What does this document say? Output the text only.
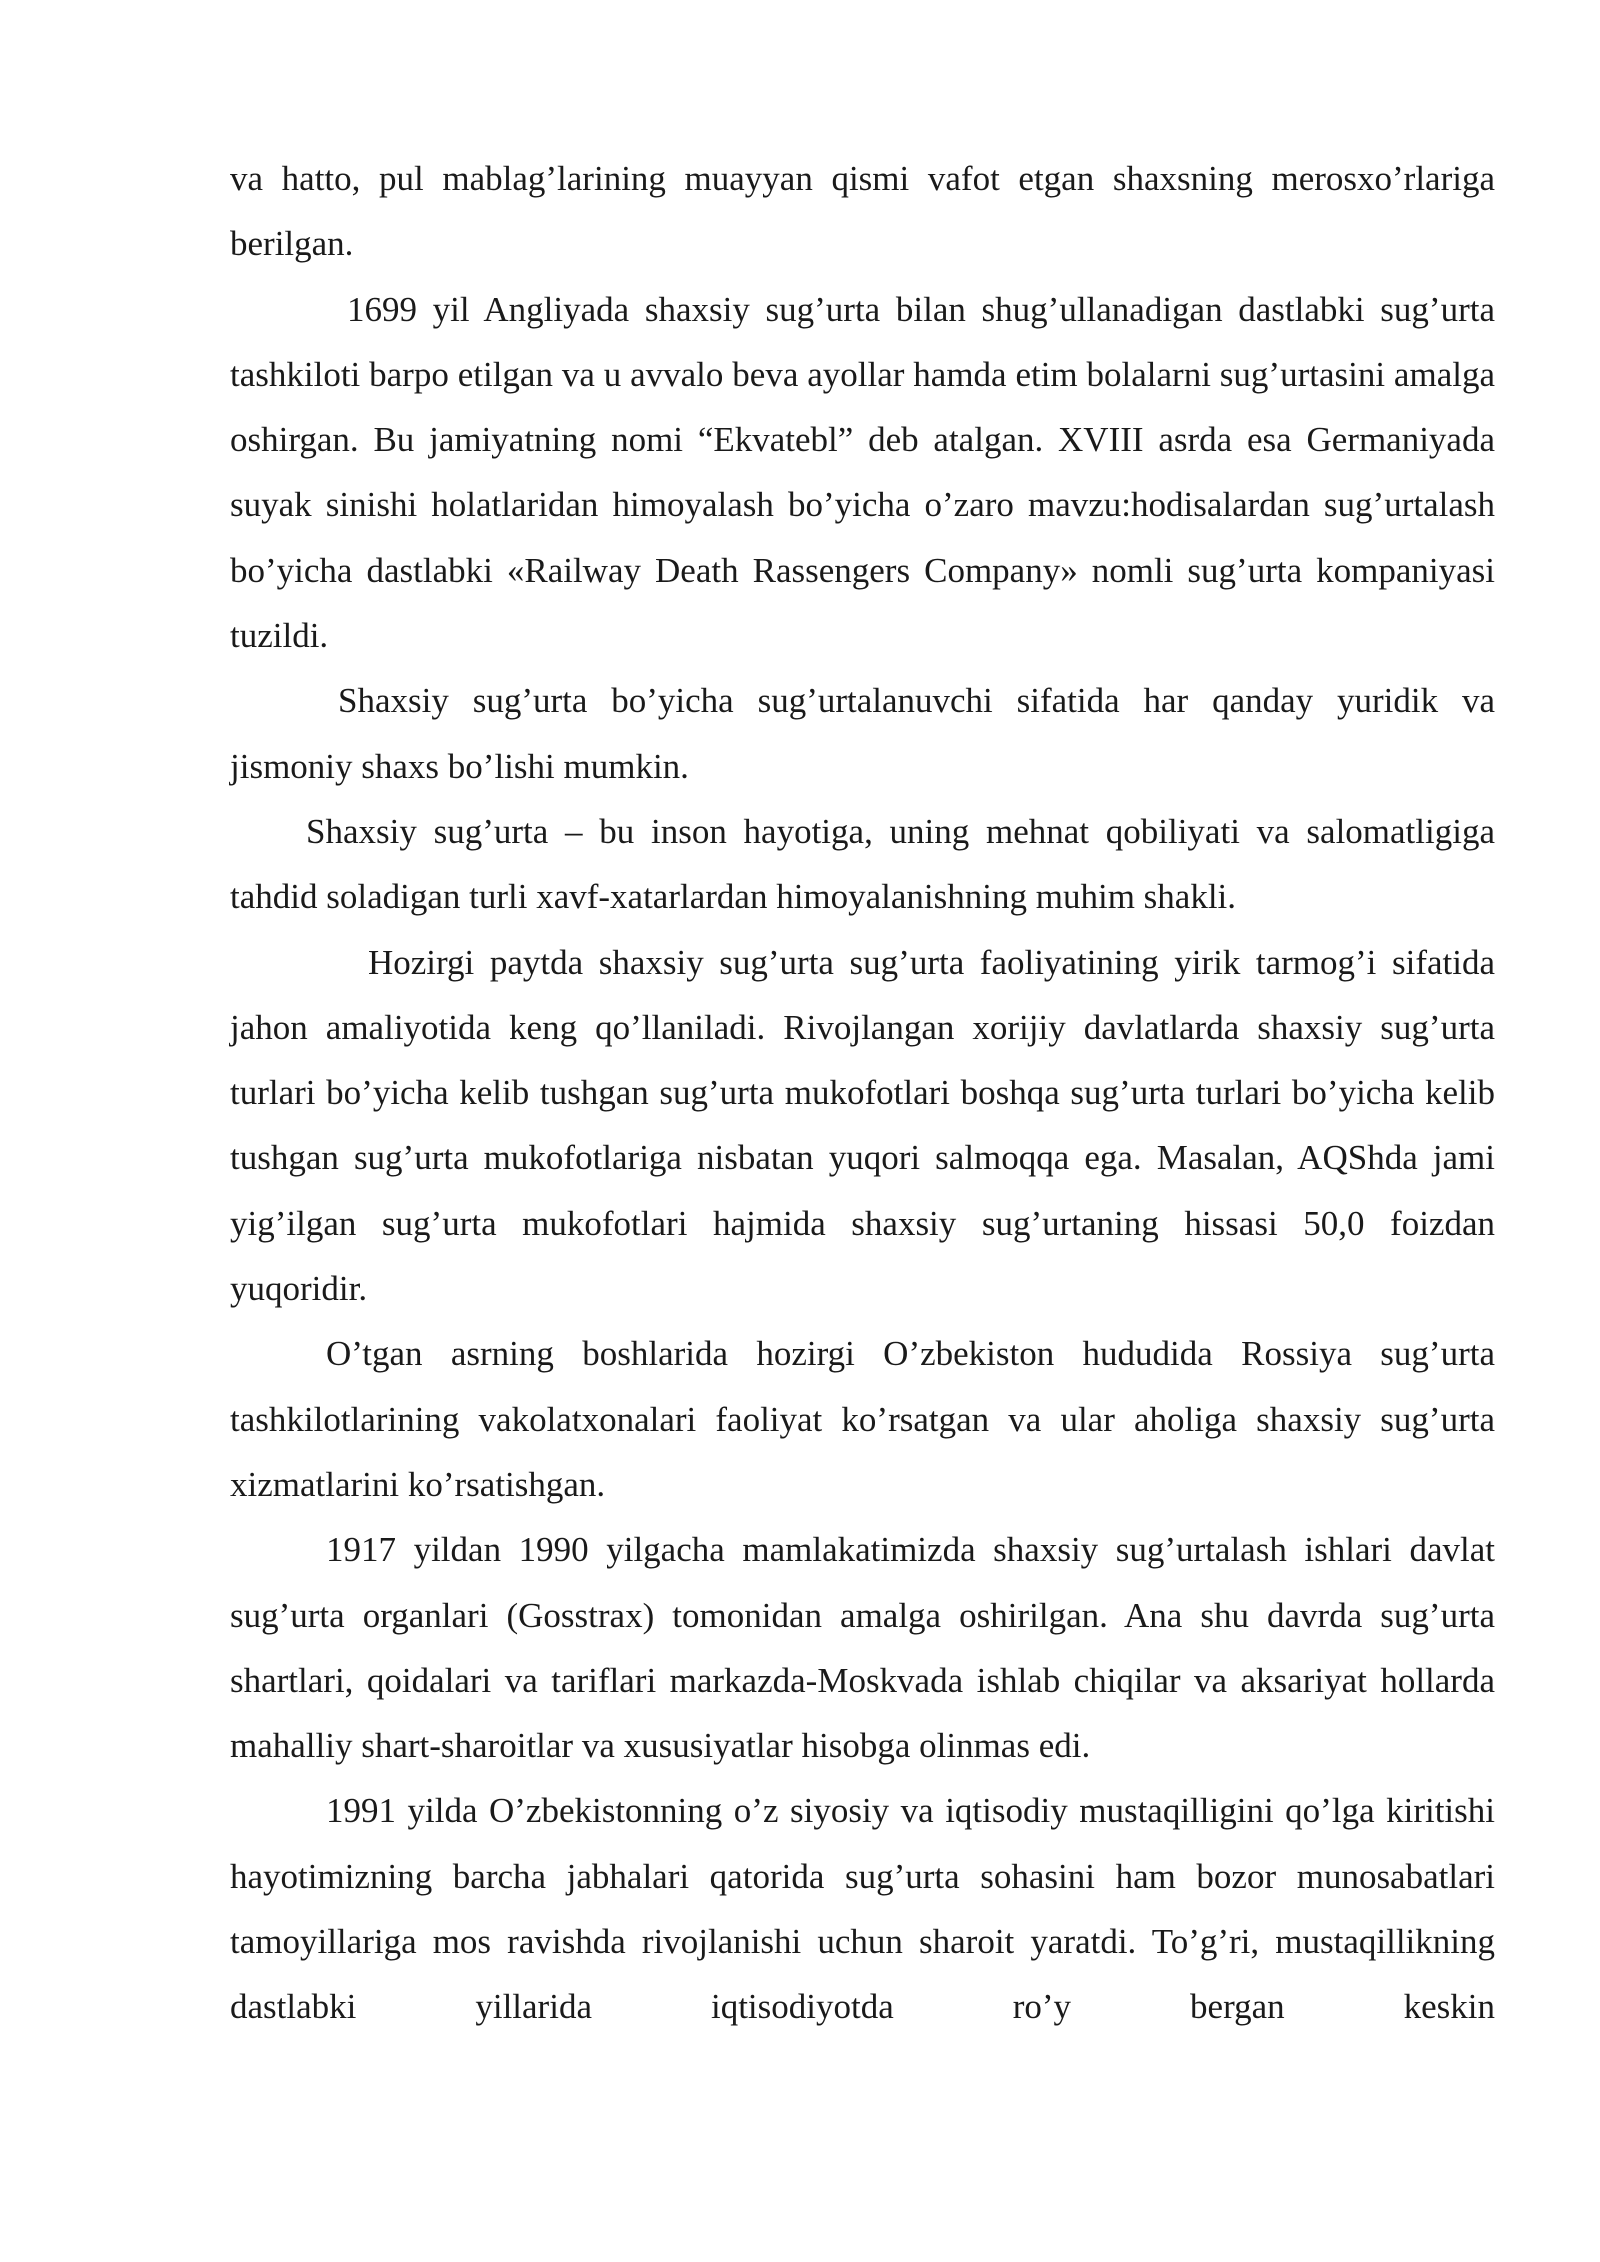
va hatto, pul mablag’larining muayyan qismi vafot etgan shaxsning merosxo’rlariga berilgan.

1699 yil Angliyada shaxsiy sug’urta bilan shug’ullanadigan dastlabki sug’urta tashkiloti barpo etilgan va u avvalo beva ayollar hamda etim bolalarni sug’urtasini amalga oshirgan. Bu jamiyatning nomi “Ekvatebl” deb atalgan. XVIII asrda esa Germaniyada suyak sinishi holatlaridan himoyalash bo’yicha o’zaro mavzu:hodisalardan sug’urtalash bo’yicha dastlabki «Railway Death Rassengers Company» nomli sug’urta kompaniyasi tuzildi.

Shaxsiy sug’urta bo’yicha sug’urtalanuvchi sifatida har qanday yuridik va jismoniy shaxs bo’lishi mumkin.

Shaxsiy sug’urta – bu inson hayotiga, uning mehnat qobiliyati va salomatligiga tahdid soladigan turli xavf-xatarlardan himoyalanishning muhim shakli.

Hozirgi paytda shaxsiy sug’urta sug’urta faoliyatining yirik tarmog’i sifatida jahon amaliyotida keng qo’llaniladi. Rivojlangan xorijiy davlatlarda shaxsiy sug’urta turlari bo’yicha kelib tushgan sug’urta mukofotlari boshqa sug’urta turlari bo’yicha kelib tushgan sug’urta mukofotlariga nisbatan yuqori salmoqqa ega. Masalan, AQShda jami yig’ilgan sug’urta mukofotlari hajmida shaxsiy sug’urtaning hissasi 50,0 foizdan yuqoridir.

O’tgan asrning boshlarida hozirgi O’zbekiston hududida Rossiya sug’urta tashkilotlarining vakolatxonalari faoliyat ko’rsatgan va ular aholiga shaxsiy sug’urta xizmatlarini ko’rsatishgan.

1917 yildan 1990 yilgacha mamlakatimizda shaxsiy sug’urtalash ishlari davlat sug’urta organlari (Gosstrax) tomonidan amalga oshirilgan. Ana shu davrda sug’urta shartlari, qoidalari va tariflari markazda-Moskvada ishlab chiqilar va aksariyat hollarda mahalliy shart-sharoitlar va xususiyatlar hisobga olinmas edi.

1991 yilda O’zbekistonning o’z siyosiy va iqtisodiy mustaqilligini qo’lga kiritishi hayotimizning barcha jabhalari qatorida sug’urta sohasini ham bozor munosabatlari tamoyillariga mos ravishda rivojlanishi uchun sharoit yaratdi. To’g’ri, mustaqillikning dastlabki yillarida iqtisodiyotda ro’y bergan keskin
